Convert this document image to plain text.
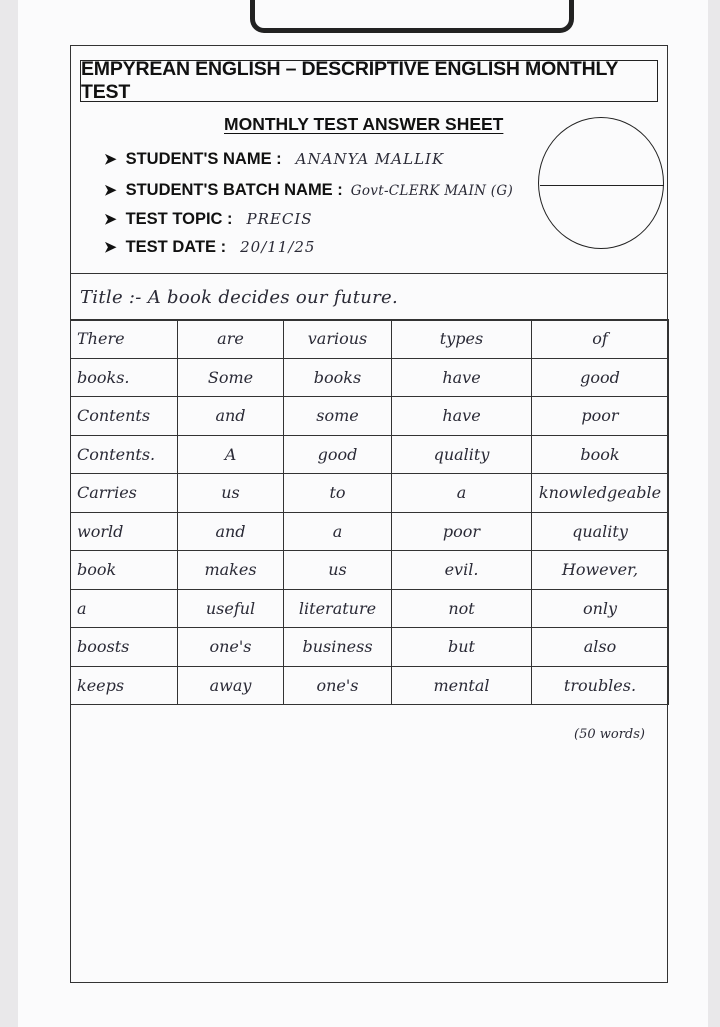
EMPYREAN ENGLISH – DESCRIPTIVE ENGLISH MONTHLY TEST
MONTHLY TEST ANSWER SHEET
➤ STUDENT'S NAME : ANANYA MALLIK
➤ STUDENT'S BATCH NAME : Govt-CLERK MAIN (G)
➤ TEST TOPIC : PRECIS
➤ TEST DATE : 20/11/25
Title :- A book decides our future.
There	are	various	types	of
books.	Some	books	have	good
Contents	and	some	have	poor
Contents.	A	good	quality	book
Carries	us	to	a	knowledgeable
world	and	a	poor	quality
book	makes	us	evil.	However,
a	useful	literature	not	only
boosts	one's	business	but	also
keeps	away	one's	mental	troubles.
(50 words)
